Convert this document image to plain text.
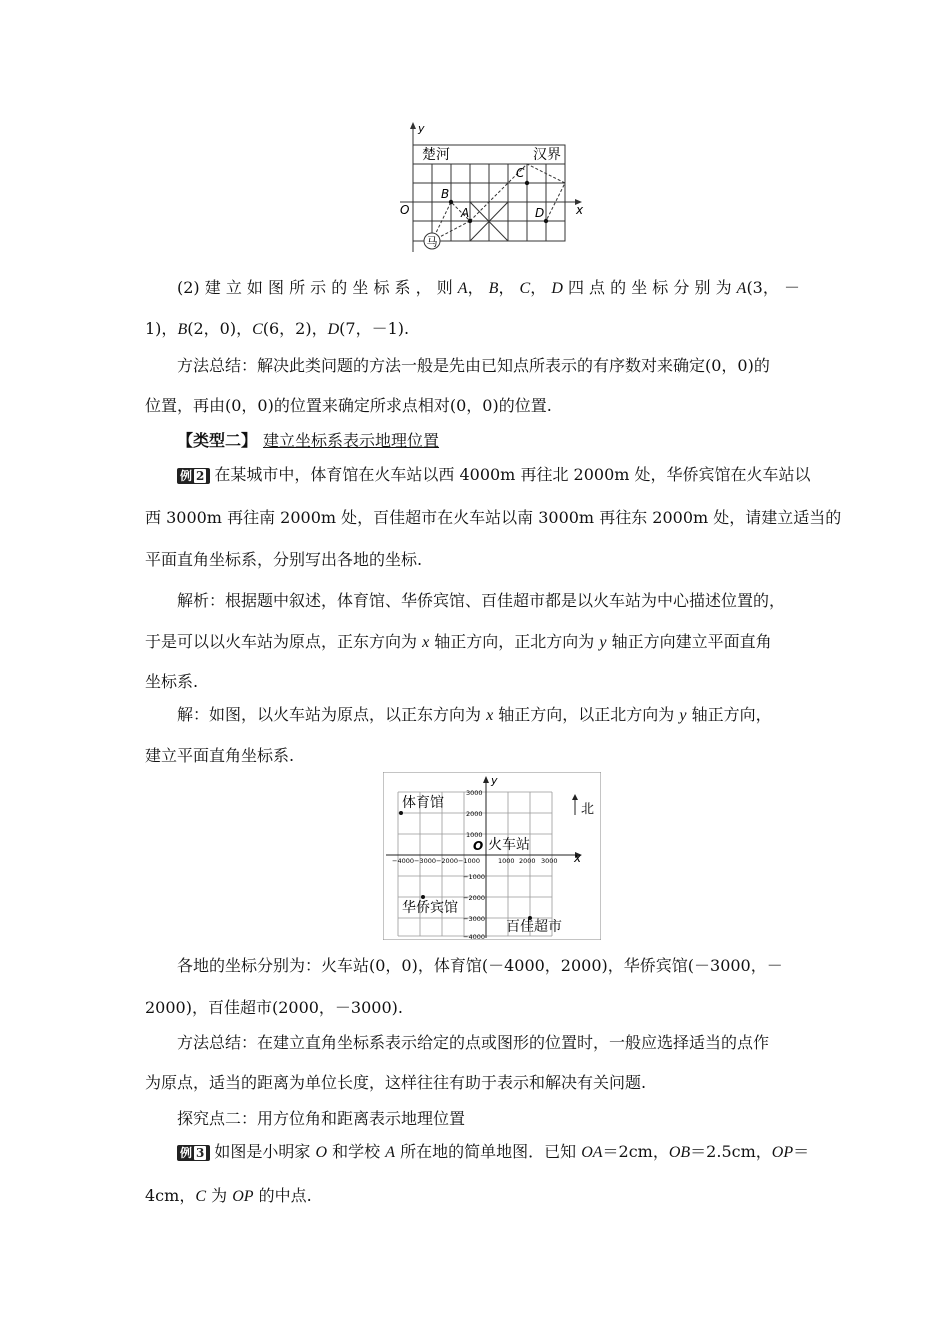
马
y
x
O
楚河	汉界
B
A
C
D
(2) 建 立 如 图 所 示 的 坐 标 系 ， 则 A， B， C， D 四 点 的 坐 标 分 别 为 A(3， －
1)，B(2，0)，C(6，2)，D(7，－1).
方法总结：解决此类问题的方法一般是先由已知点所表示的有序数对来确定(0，0)的
位置，再由(0，0)的位置来确定所求点相对(0，0)的位置.
【类型二】 建立坐标系表示地理位置
例 2 在某城市中，体育馆在火车站以西 4000m 再往北 2000m 处，华侨宾馆在火车站以
西 3000m 再往南 2000m 处，百佳超市在火车站以南 3000m 再往东 2000m 处，请建立适当的
平面直角坐标系，分别写出各地的坐标.
解析：根据题中叙述，体育馆、华侨宾馆、百佳超市都是以火车站为中心描述位置的，
于是可以以火车站为原点，正东方向为 x 轴正方向，正北方向为 y 轴正方向建立平面直角
坐标系.
解：如图，以火车站为原点，以正东方向为 x 轴正方向，以正北方向为 y 轴正方向，
建立平面直角坐标系.
北
y
x
O
−4000−3000−2000−1000	1000 2000 3000
3000
2000
1000
−1000
−2000
−3000
−4000
体育馆
火车站
华侨宾馆
百佳超市
各地的坐标分别为：火车站(0，0)，体育馆(－4000，2000)，华侨宾馆(－3000，－
2000)，百佳超市(2000，－3000).
方法总结：在建立直角坐标系表示给定的点或图形的位置时，一般应选择适当的点作
为原点，适当的距离为单位长度，这样往往有助于表示和解决有关问题.
探究点二：用方位角和距离表示地理位置
例 3 如图是小明家 O 和学校 A 所在地的简单地图．已知 OA＝2cm，OB＝2.5cm，OP＝
4cm，C 为 OP 的中点.
